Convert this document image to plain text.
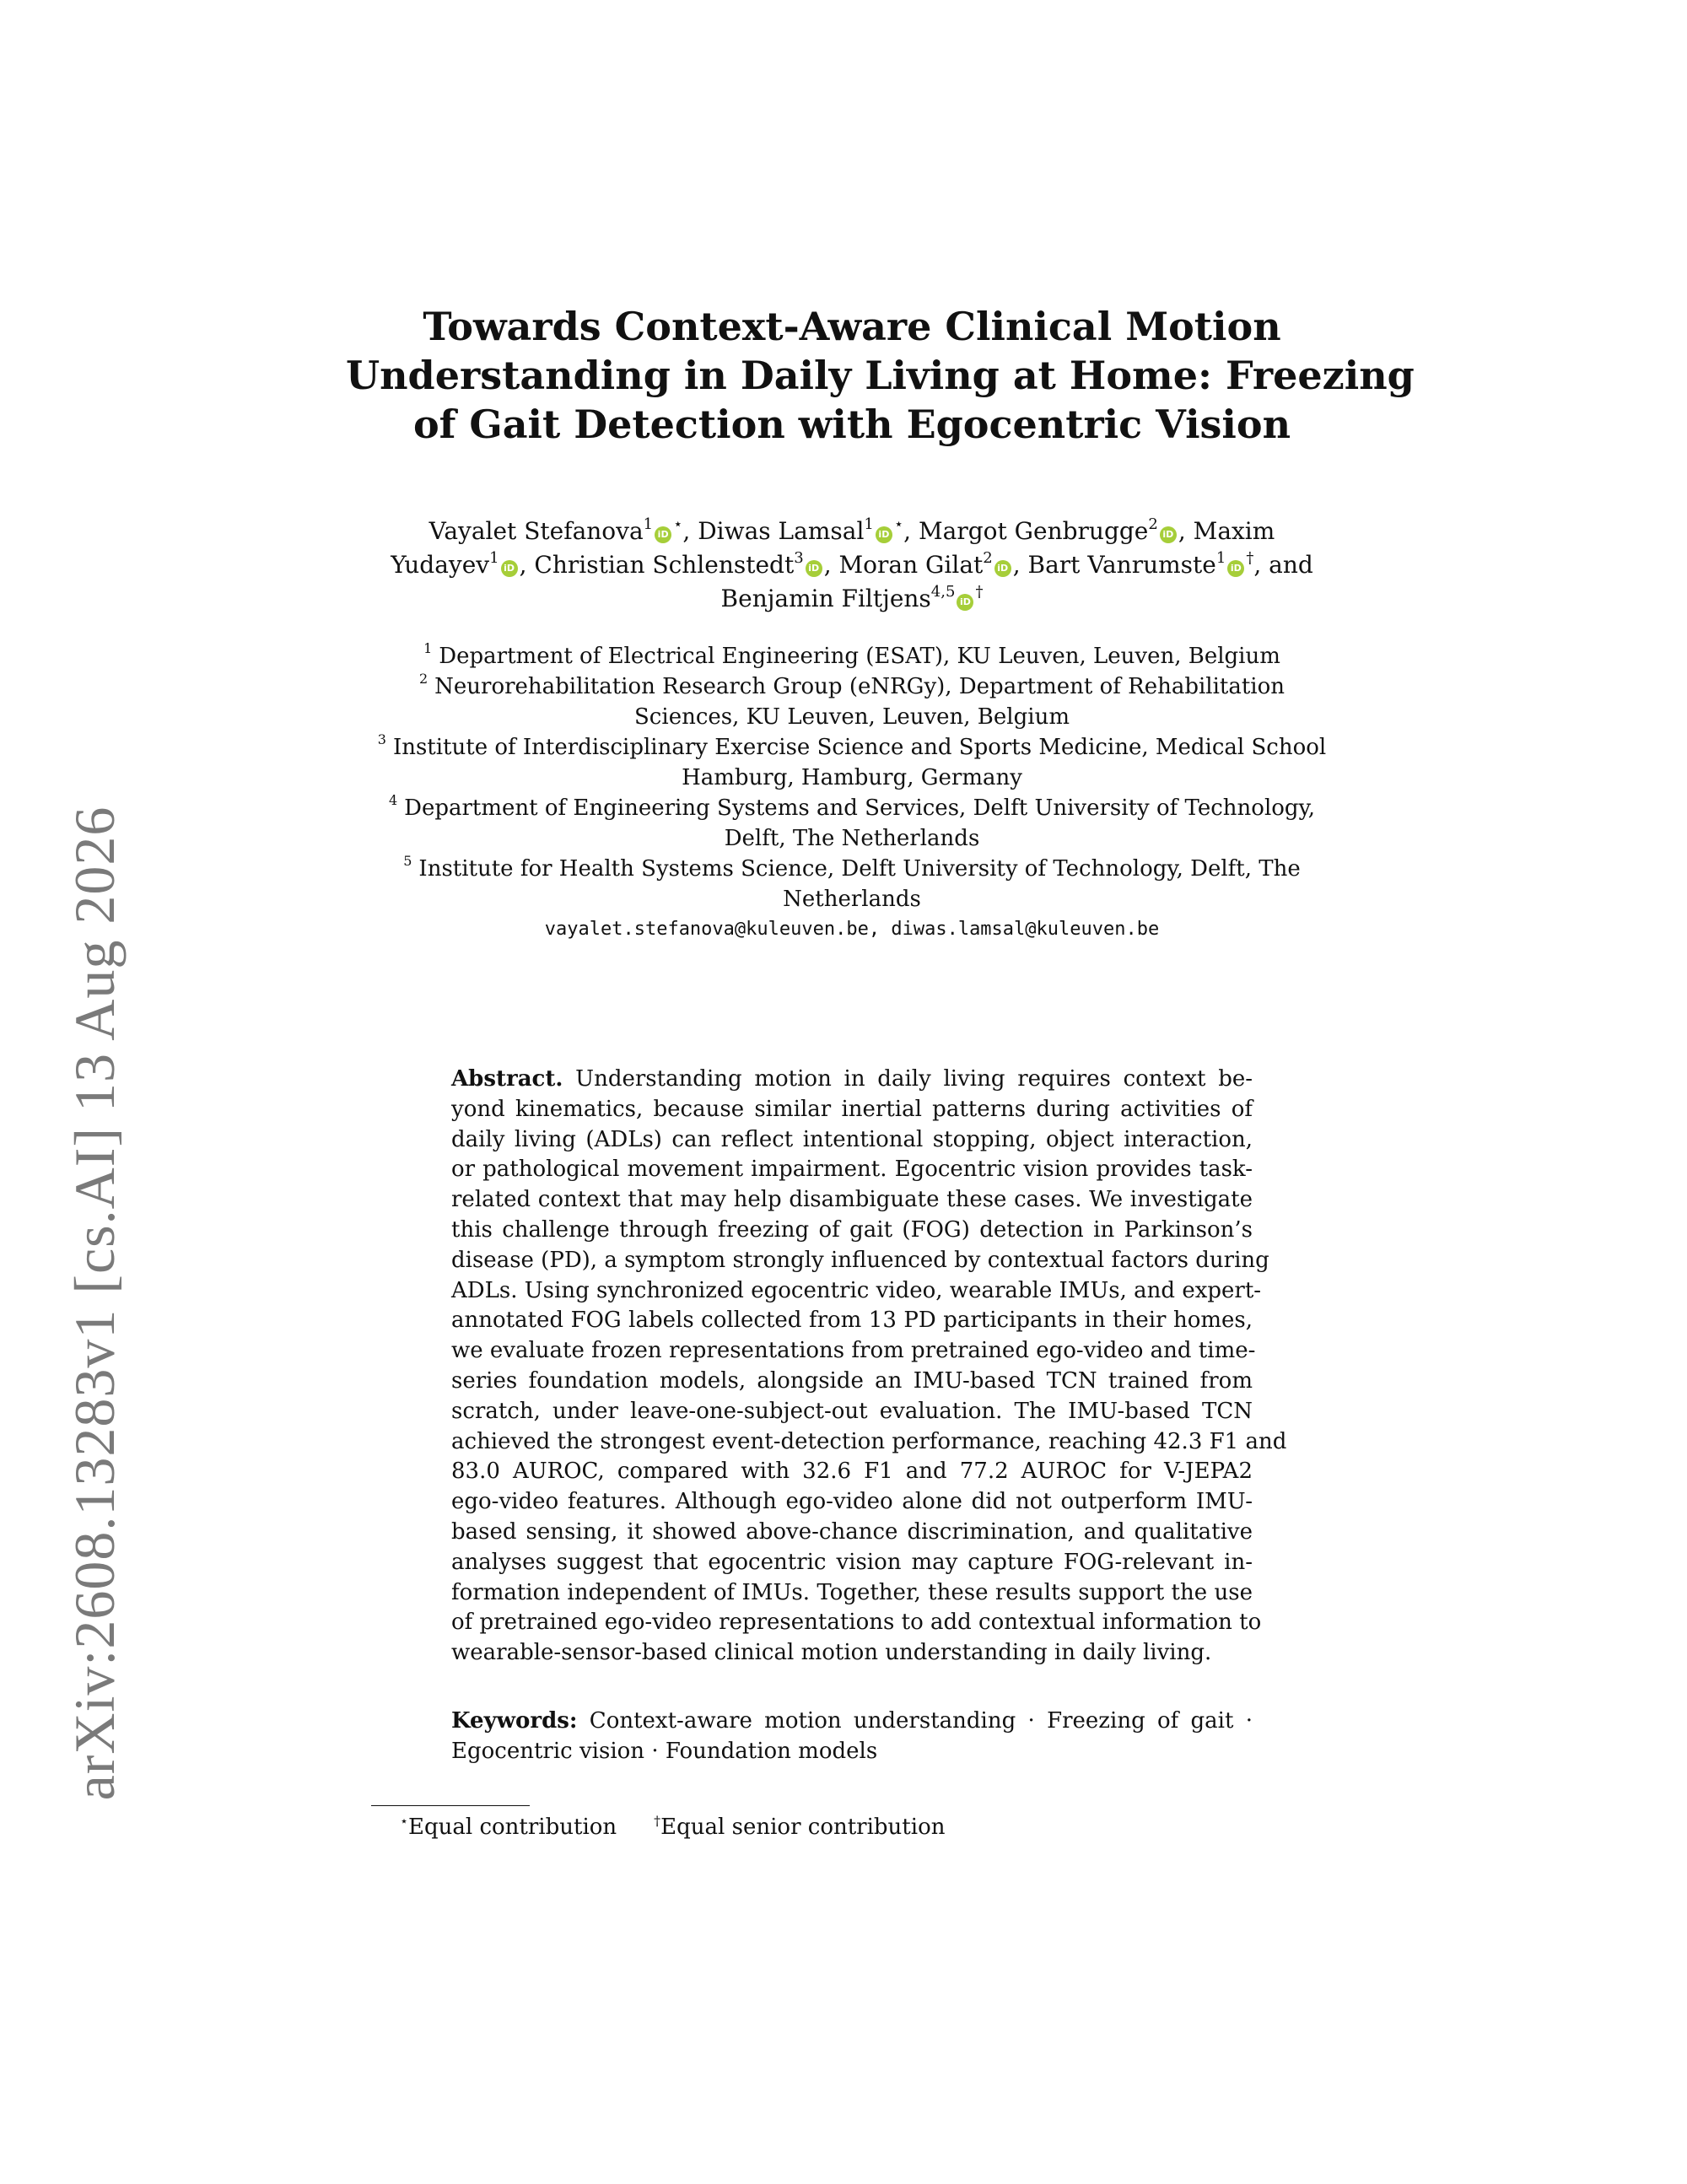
arXiv:2608.13283v1 [cs.AI] 13 Aug 2026
Towards Context-Aware Clinical Motion
Understanding in Daily Living at Home: Freezing
of Gait Detection with Egocentric Vision
Vayalet Stefanova$^1$iD⋆, Diwas Lamsal$^1$iD⋆, Margot Genbrugge$^2$iD , Maxim
Yudayev$^1$iD , Christian Schlenstedt$^3$iD , Moran Gilat$^2$iD , Bart Vanrumste$^1$iD†, and
Benjamin Filtjens$^{4,5}$iD†
$^1$ Department of Electrical Engineering (ESAT), KU Leuven, Leuven, Belgium
$^2$ Neurorehabilitation Research Group (eNRGy), Department of Rehabilitation
Sciences, KU Leuven, Leuven, Belgium
$^3$ Institute of Interdisciplinary Exercise Science and Sports Medicine, Medical School
Hamburg, Hamburg, Germany
$^4$ Department of Engineering Systems and Services, Delft University of Technology,
Delft, The Netherlands
$^5$ Institute for Health Systems Science, Delft University of Technology, Delft, The
Netherlands
vayalet.stefanova@kuleuven.be, diwas.lamsal@kuleuven.be
Abstract. Understanding motion in daily living requires context be-
yond kinematics, because similar inertial patterns during activities of
daily living (ADLs) can reflect intentional stopping, object interaction,
or pathological movement impairment. Egocentric vision provides task-
related context that may help disambiguate these cases. We investigate
this challenge through freezing of gait (FOG) detection in Parkinson’s
disease (PD), a symptom strongly influenced by contextual factors during
ADLs. Using synchronized egocentric video, wearable IMUs, and expert-
annotated FOG labels collected from 13 PD participants in their homes,
we evaluate frozen representations from pretrained ego-video and time-
series foundation models, alongside an IMU-based TCN trained from
scratch, under leave-one-subject-out evaluation. The IMU-based TCN
achieved the strongest event-detection performance, reaching 42.3 F1 and
83.0 AUROC, compared with 32.6 F1 and 77.2 AUROC for V-JEPA2
ego-video features. Although ego-video alone did not outperform IMU-
based sensing, it showed above-chance discrimination, and qualitative
analyses suggest that egocentric vision may capture FOG-relevant in-
formation independent of IMUs. Together, these results support the use
of pretrained ego-video representations to add contextual information to
wearable-sensor-based clinical motion understanding in daily living.
Keywords: Context-aware motion understanding · Freezing of gait ·
Egocentric vision · Foundation models
⋆Equal contribution	†Equal senior contribution
